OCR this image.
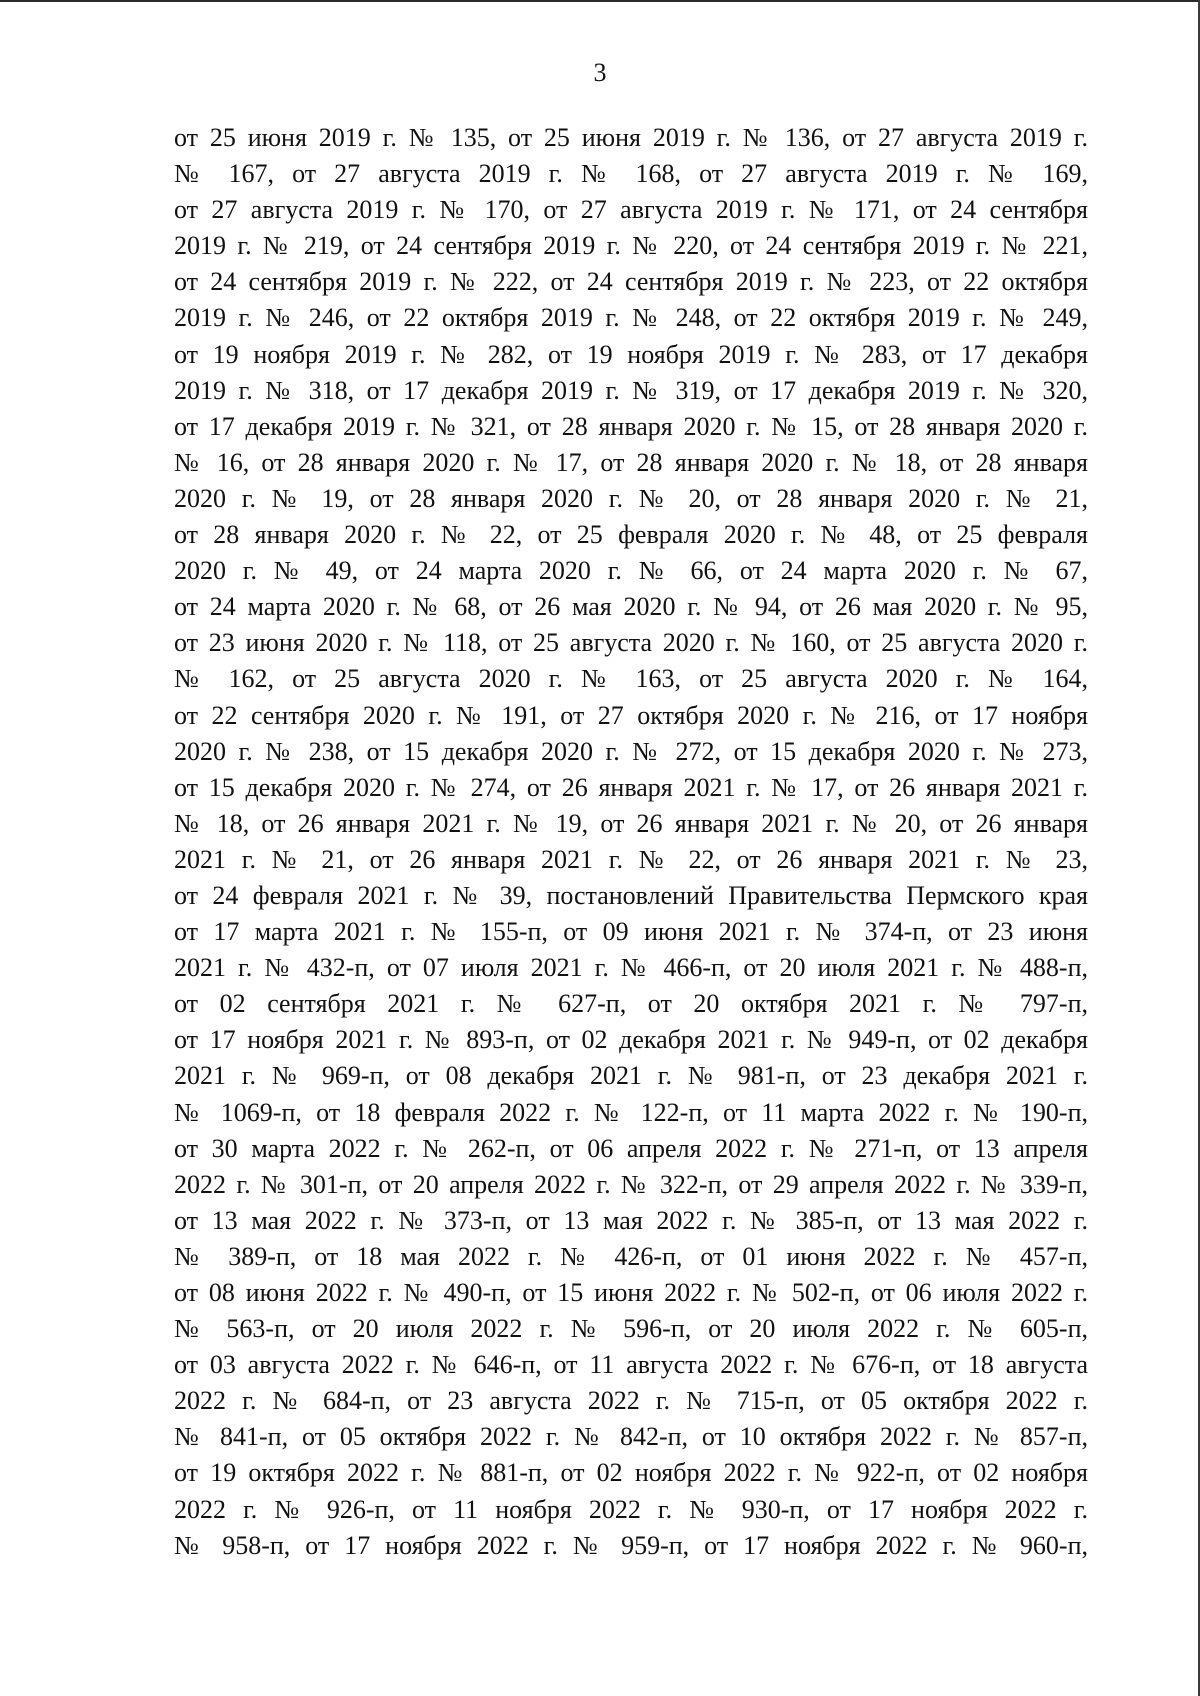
3
от 25 июня 2019 г. № 135, от 25 июня 2019 г. № 136, от 27 августа 2019 г.
№ 167, от 27 августа 2019 г. № 168, от 27 августа 2019 г. № 169,
от 27 августа 2019 г. № 170, от 27 августа 2019 г. № 171, от 24 сентября
2019 г. № 219, от 24 сентября 2019 г. № 220, от 24 сентября 2019 г. № 221,
от 24 сентября 2019 г. № 222, от 24 сентября 2019 г. № 223, от 22 октября
2019 г. № 246, от 22 октября 2019 г. № 248, от 22 октября 2019 г. № 249,
от 19 ноября 2019 г. № 282, от 19 ноября 2019 г. № 283, от 17 декабря
2019 г. № 318, от 17 декабря 2019 г. № 319, от 17 декабря 2019 г. № 320,
от 17 декабря 2019 г. № 321, от 28 января 2020 г. № 15, от 28 января 2020 г.
№ 16, от 28 января 2020 г. № 17, от 28 января 2020 г. № 18, от 28 января
2020 г. № 19, от 28 января 2020 г. № 20, от 28 января 2020 г. № 21,
от 28 января 2020 г. № 22, от 25 февраля 2020 г. № 48, от 25 февраля
2020 г. № 49, от 24 марта 2020 г. № 66, от 24 марта 2020 г. № 67,
от 24 марта 2020 г. № 68, от 26 мая 2020 г. № 94, от 26 мая 2020 г. № 95,
от 23 июня 2020 г. № 118, от 25 августа 2020 г. № 160, от 25 августа 2020 г.
№ 162, от 25 августа 2020 г. № 163, от 25 августа 2020 г. № 164,
от 22 сентября 2020 г. № 191, от 27 октября 2020 г. № 216, от 17 ноября
2020 г. № 238, от 15 декабря 2020 г. № 272, от 15 декабря 2020 г. № 273,
от 15 декабря 2020 г. № 274, от 26 января 2021 г. № 17, от 26 января 2021 г.
№ 18, от 26 января 2021 г. № 19, от 26 января 2021 г. № 20, от 26 января
2021 г. № 21, от 26 января 2021 г. № 22, от 26 января 2021 г. № 23,
от 24 февраля 2021 г. № 39, постановлений Правительства Пермского края
от 17 марта 2021 г. № 155-п, от 09 июня 2021 г. № 374-п, от 23 июня
2021 г. № 432-п, от 07 июля 2021 г. № 466-п, от 20 июля 2021 г. № 488-п,
от 02 сентября 2021 г. № 627-п, от 20 октября 2021 г. № 797-п,
от 17 ноября 2021 г. № 893-п, от 02 декабря 2021 г. № 949-п, от 02 декабря
2021 г. № 969-п, от 08 декабря 2021 г. № 981-п, от 23 декабря 2021 г.
№ 1069-п, от 18 февраля 2022 г. № 122-п, от 11 марта 2022 г. № 190-п,
от 30 марта 2022 г. № 262-п, от 06 апреля 2022 г. № 271-п, от 13 апреля
2022 г. № 301-п, от 20 апреля 2022 г. № 322-п, от 29 апреля 2022 г. № 339-п,
от 13 мая 2022 г. № 373-п, от 13 мая 2022 г. № 385-п, от 13 мая 2022 г.
№ 389-п, от 18 мая 2022 г. № 426-п, от 01 июня 2022 г. № 457-п,
от 08 июня 2022 г. № 490-п, от 15 июня 2022 г. № 502-п, от 06 июля 2022 г.
№ 563-п, от 20 июля 2022 г. № 596-п, от 20 июля 2022 г. № 605-п,
от 03 августа 2022 г. № 646-п, от 11 августа 2022 г. № 676-п, от 18 августа
2022 г. № 684-п, от 23 августа 2022 г. № 715-п, от 05 октября 2022 г.
№ 841-п, от 05 октября 2022 г. № 842-п, от 10 октября 2022 г. № 857-п,
от 19 октября 2022 г. № 881-п, от 02 ноября 2022 г. № 922-п, от 02 ноября
2022 г. № 926-п, от 11 ноября 2022 г. № 930-п, от 17 ноября 2022 г.
№ 958-п, от 17 ноября 2022 г. № 959-п, от 17 ноября 2022 г. № 960-п,
